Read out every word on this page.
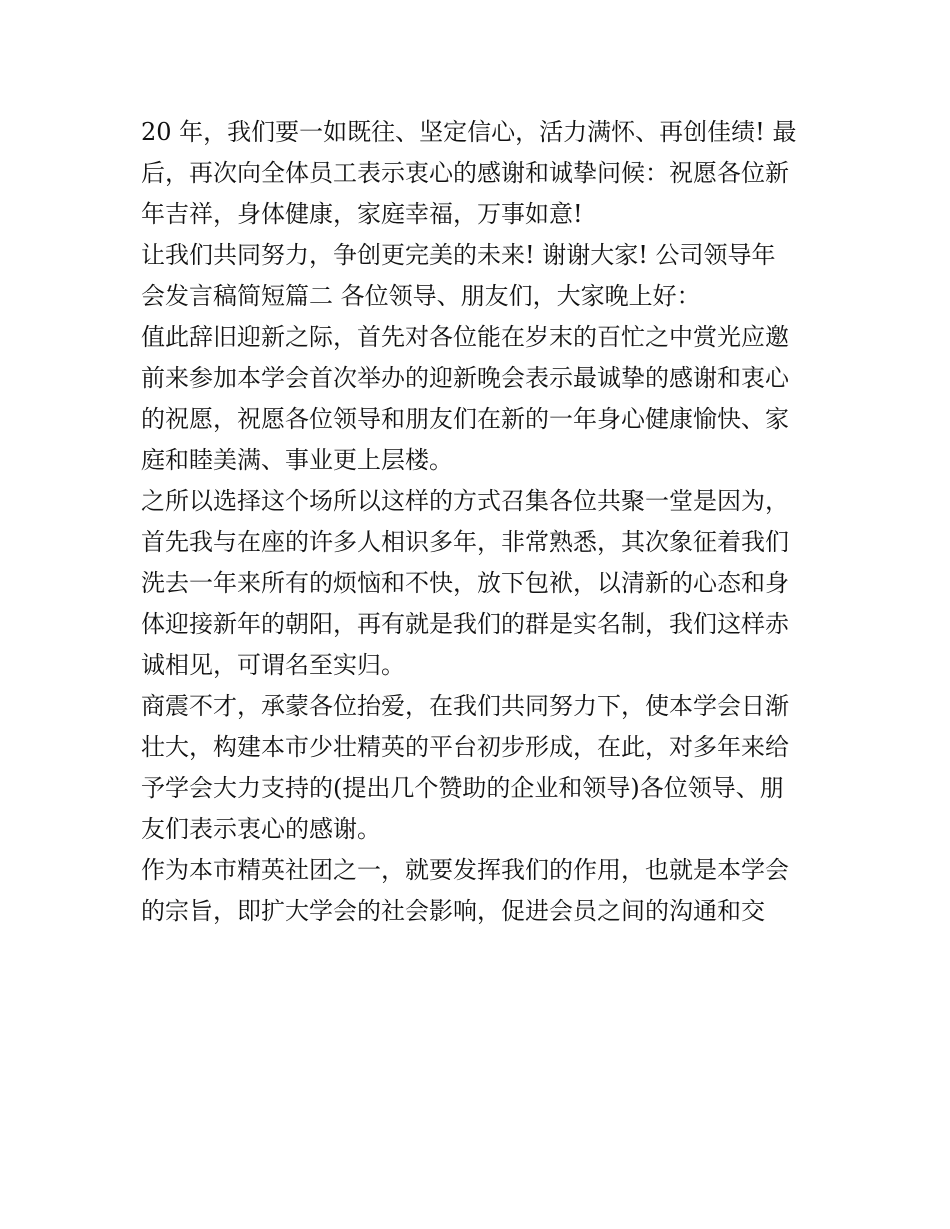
20 年，我们要一如既往、坚定信心，活力满怀、再创佳绩! 最
后，再次向全体员工表示衷心的感谢和诚挚问候：祝愿各位新
年吉祥，身体健康，家庭幸福，万事如意!
让我们共同努力，争创更完美的未来! 谢谢大家! 公司领导年
会发言稿简短篇二 各位领导、朋友们，大家晚上好：
值此辞旧迎新之际，首先对各位能在岁末的百忙之中赏光应邀
前来参加本学会首次举办的迎新晚会表示最诚挚的感谢和衷心
的祝愿，祝愿各位领导和朋友们在新的一年身心健康愉快、家
庭和睦美满、事业更上层楼。
之所以选择这个场所以这样的方式召集各位共聚一堂是因为，
首先我与在座的许多人相识多年，非常熟悉，其次象征着我们
洗去一年来所有的烦恼和不快，放下包袱，以清新的心态和身
体迎接新年的朝阳，再有就是我们的群是实名制，我们这样赤
诚相见，可谓名至实归。
商震不才，承蒙各位抬爱，在我们共同努力下，使本学会日渐
壮大，构建本市少壮精英的平台初步形成，在此，对多年来给
予学会大力支持的(提出几个赞助的企业和领导)各位领导、朋
友们表示衷心的感谢。
作为本市精英社团之一，就要发挥我们的作用，也就是本学会
的宗旨，即扩大学会的社会影响，促进会员之间的沟通和交
